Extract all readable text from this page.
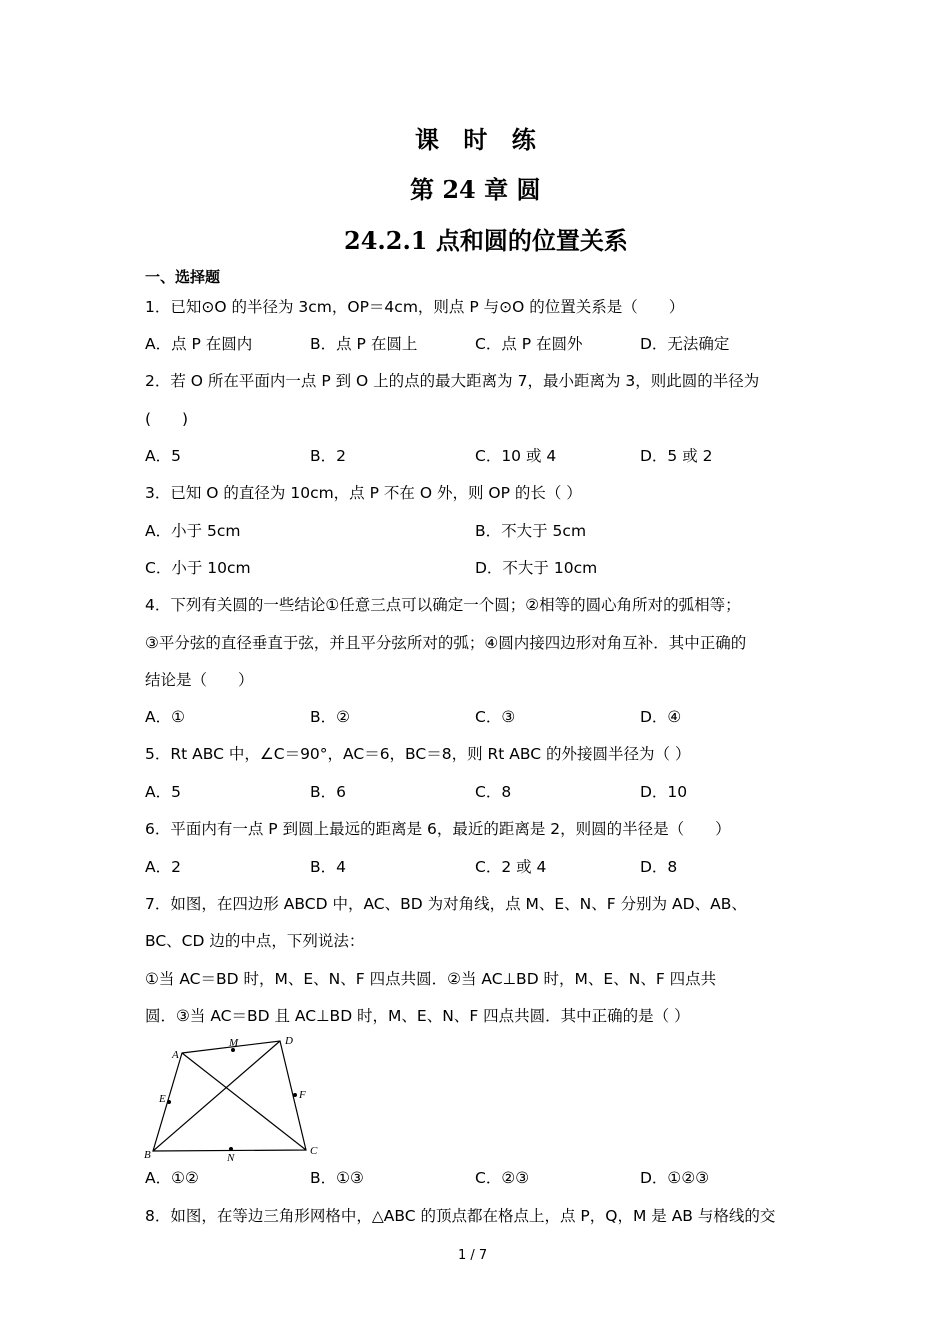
课 时 练
第 24 章 圆
24.2.1 点和圆的位置关系
一、选择题
1．已知⊙O 的半径为 3cm，OP＝4cm，则点 P 与⊙O 的位置关系是（　　）
A．点 P 在圆内	B．点 P 在圆上	C．点 P 在圆外	D．无法确定
2．若 O 所在平面内一点 P 到 O 上的点的最大距离为 7，最小距离为 3，则此圆的半径为
(　　)
A．5	B．2	C．10 或 4	D．5 或 2
3．已知 O 的直径为 10cm，点 P 不在 O 外，则 OP 的长（ ）
A．小于 5cm	B．不大于 5cm
C．小于 10cm	D．不大于 10cm
4．下列有关圆的一些结论①任意三点可以确定一个圆；②相等的圆心角所对的弧相等；
③平分弦的直径垂直于弦，并且平分弦所对的弧；④圆内接四边形对角互补．其中正确的
结论是（　　）
A．①	B．②	C．③	D．④
5．Rt ABC 中，∠C＝90°，AC＝6，BC＝8，则 Rt ABC 的外接圆半径为（ ）
A．5	B．6	C．8	D．10
6．平面内有一点 P 到圆上最远的距离是 6，最近的距离是 2，则圆的半径是（　　）
A．2	B．4	C．2 或 4	D．8
7．如图，在四边形 ABCD 中，AC、BD 为对角线，点 M、E、N、F 分别为 AD、AB、
BC、CD 边的中点，下列说法：
①当 AC＝BD 时，M、E、N、F 四点共圆．②当 AC⊥BD 时，M、E、N、F 四点共
圆．③当 AC＝BD 且 AC⊥BD 时，M、E、N、F 四点共圆．其中正确的是（ ）
A
M	D
E	F
B	N
C
A．①②	B．①③	C．②③	D．①②③
8．如图，在等边三角形网格中，△ABC 的顶点都在格点上，点 P，Q，M 是 AB 与格线的交
1 / 7
